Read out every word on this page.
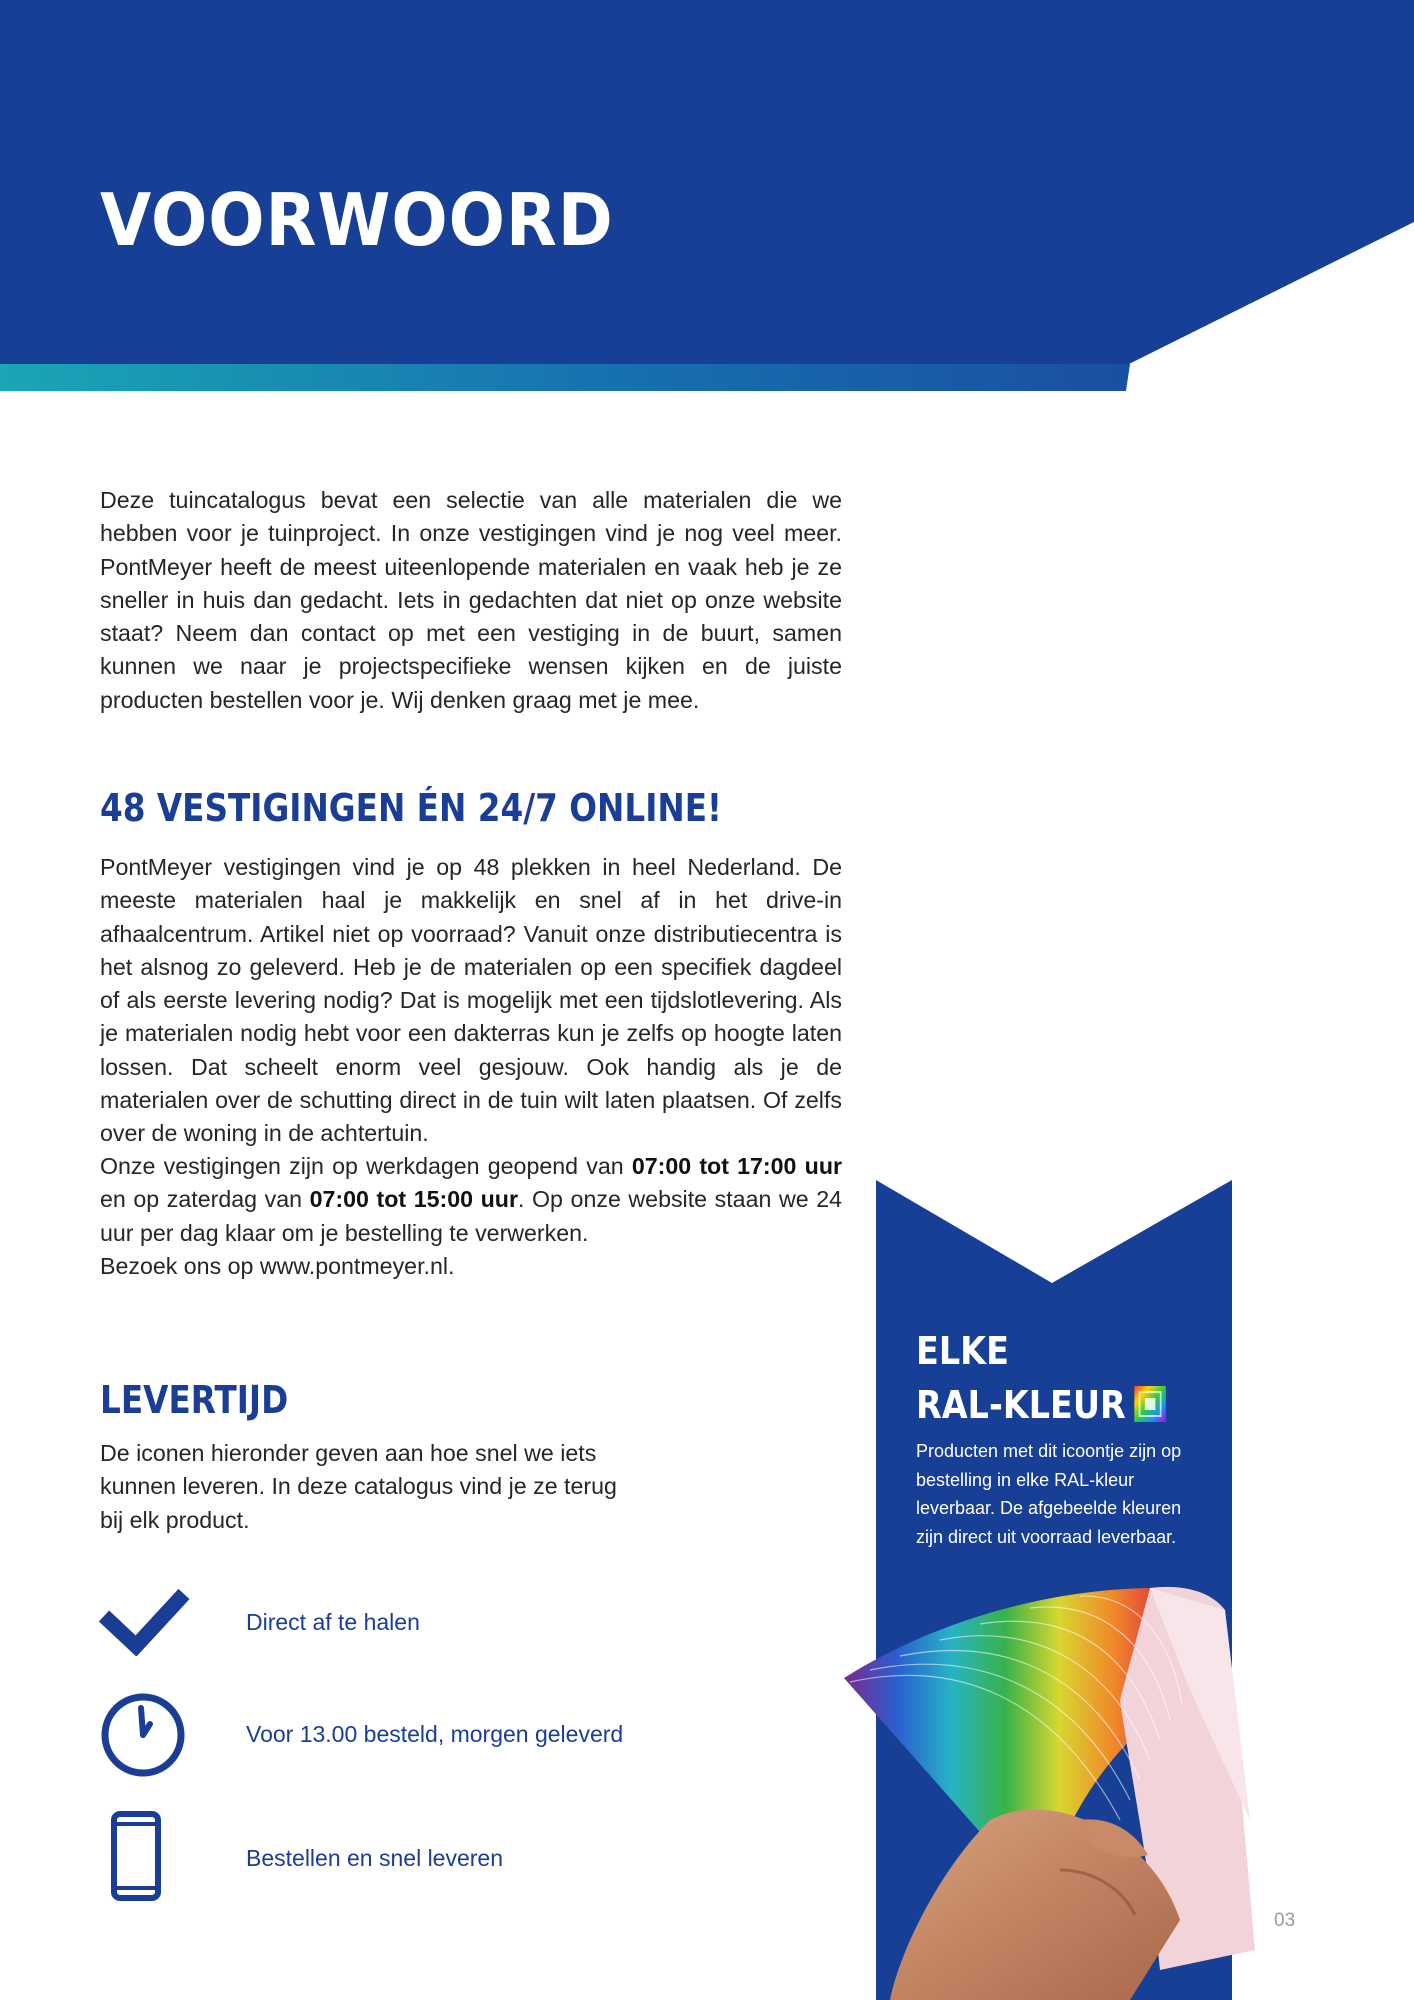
VOORWOORD

Deze tuincatalogus bevat een selectie van alle materialen die we hebben voor je tuinproject. In onze vestigingen vind je nog veel meer. PontMeyer heeft de meest uiteenlopende materialen en vaak heb je ze sneller in huis dan gedacht. Iets in gedachten dat niet op onze website staat? Neem dan contact op met een vestiging in de buurt, samen kunnen we naar je projectspecifieke wensen kijken en de juiste producten bestellen voor je. Wij denken graag met je mee.

48 VESTIGINGEN ÉN 24/7 ONLINE!

PontMeyer vestigingen vind je op 48 plekken in heel Nederland. De meeste materialen haal je makkelijk en snel af in het drive-in afhaalcentrum. Artikel niet op voorraad? Vanuit onze distributiecentra is het alsnog zo geleverd. Heb je de materialen op een specifiek dagdeel of als eerste levering nodig? Dat is mogelijk met een tijdslotlevering. Als je materialen nodig hebt voor een dakterras kun je zelfs op hoogte laten lossen. Dat scheelt enorm veel gesjouw. Ook handig als je de materialen over de schutting direct in de tuin wilt laten plaatsen. Of zelfs over de woning in de achtertuin.

Onze vestigingen zijn op werkdagen geopend van 07:00 tot 17:00 uur en op zaterdag van 07:00 tot 15:00 uur. Op onze website staan we 24 uur per dag klaar om je bestelling te verwerken.
Bezoek ons op www.pontmeyer.nl.

LEVERTIJD

De iconen hieronder geven aan hoe snel we iets kunnen leveren. In deze catalogus vind je ze terug bij elk product.

Direct af te halen
Voor 13.00 besteld, morgen geleverd
Bestellen en snel leveren
ELKE
RAL-KLEUR

Producten met dit icoontje zijn op bestelling in elke RAL-kleur leverbaar. De afgebeelde kleuren zijn direct uit voorraad leverbaar.

03
